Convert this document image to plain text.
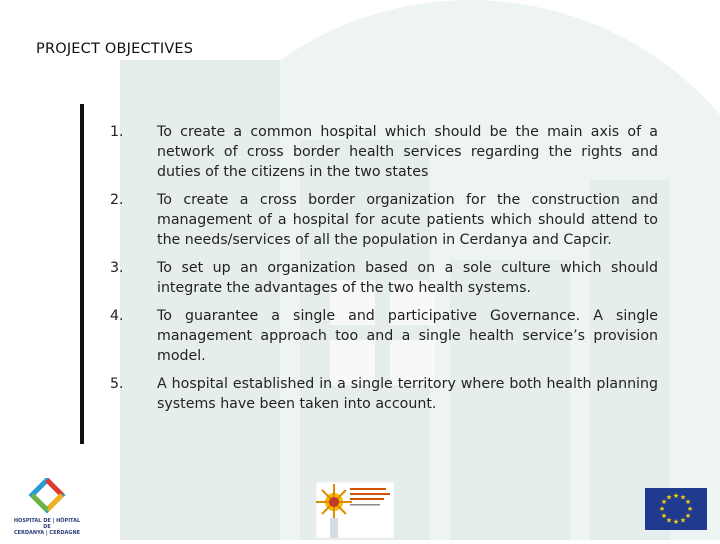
PROJECT OBJECTIVES
1.	To create a common hospital which should be the main axis of a network of cross border health services regarding the rights and duties of the citizens in the two states
2.	To create a cross border organization for the construction and management of a hospital for acute patients which should attend to the needs/services of all the population in Cerdanya and Capcir.
3.	To set up an organization based on a sole culture which should integrate the advantages of the two health systems.
4.	To guarantee a single and participative Governance. A single management approach too and a single health service’s provision model.
5.	A hospital established in a single territory where both health planning systems have been taken into account.
HOSPITAL DE | HÔPITAL DE
CERDANYA | CERDAGNE
★ ★
★
★
★
★
★
★
★
★
★
★
